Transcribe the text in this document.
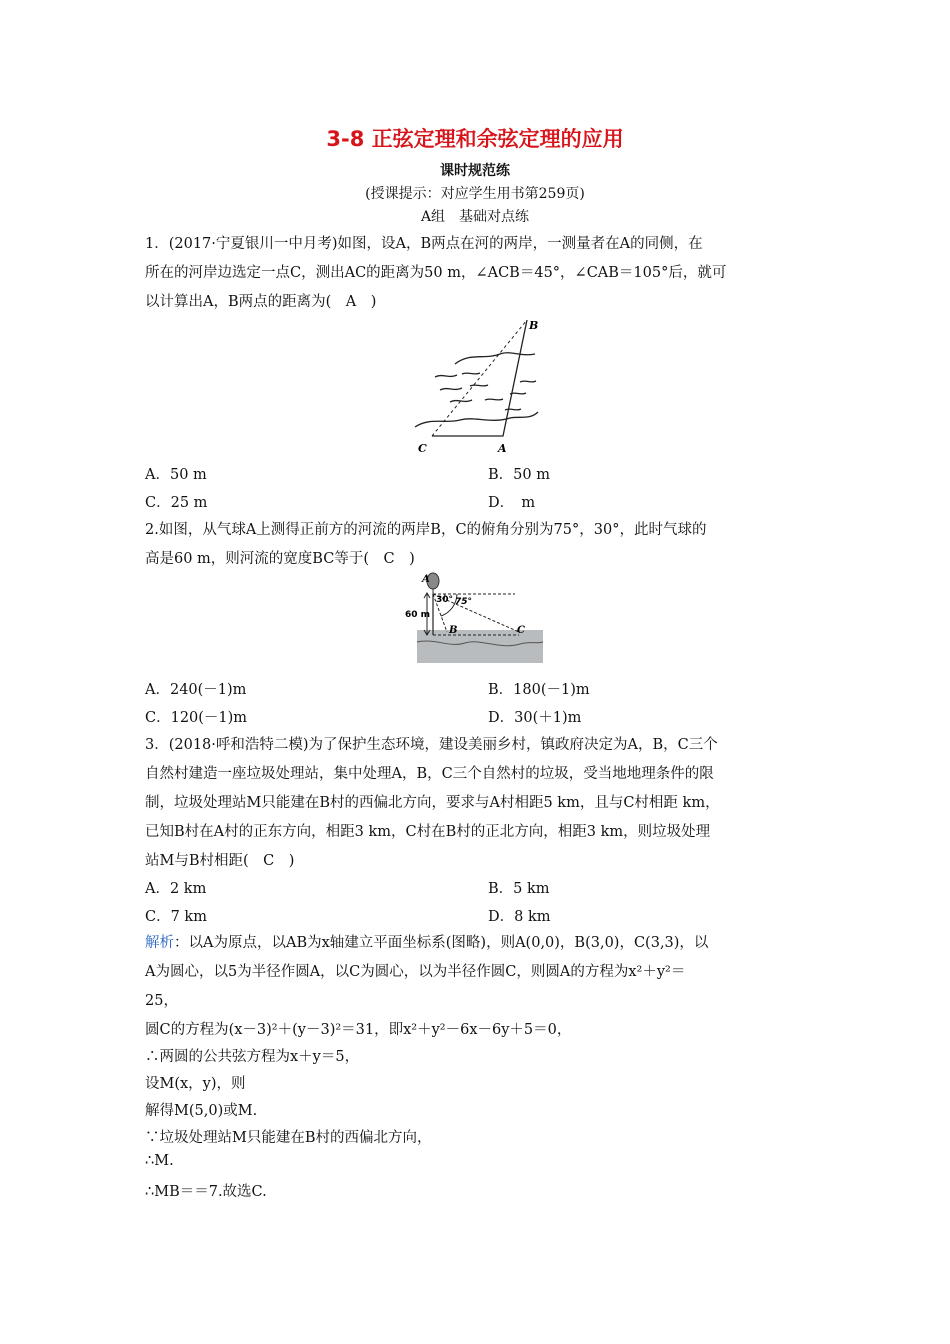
3-8 正弦定理和余弦定理的应用
课时规范练
(授课提示：对应学生用书第259页)
A组　基础对点练
1．(2017·宁夏银川一中月考)如图，设A，B两点在河的两岸，一测量者在A的同侧，在
所在的河岸边选定一点C，测出AC的距离为50 m，∠ACB＝45°，∠CAB＝105°后，就可
以计算出A，B两点的距离为(　A　)
B
C	A
A．50 m	B．50 m
C．25 m	D．　m
2.如图，从气球A上测得正前方的河流的两岸B，C的俯角分别为75°，30°，此时气球的
高是60 m，则河流的宽度BC等于(　C　)
A
60 m
30° 75°
B	C
A．240(－1)m	B．180(－1)m
C．120(－1)m	D．30(＋1)m
3．(2018·呼和浩特二模)为了保护生态环境，建设美丽乡村，镇政府决定为A，B，C三个
自然村建造一座垃圾处理站，集中处理A，B，C三个自然村的垃圾，受当地地理条件的限
制，垃圾处理站M只能建在B村的西偏北方向，要求与A村相距5 km，且与C村相距 km，
已知B村在A村的正东方向，相距3 km，C村在B村的正北方向，相距3 km，则垃圾处理
站M与B村相距(　C　)
A．2 km	B．5 km
C．7 km	D．8 km
解析：以A为原点，以AB为x轴建立平面坐标系(图略)，则A(0,0)，B(3,0)，C(3,3)，以
A为圆心，以5为半径作圆A，以C为圆心，以为半径作圆C，则圆A的方程为x²＋y²＝
25，
圆C的方程为(x－3)²＋(y－3)²＝31，即x²＋y²－6x－6y＋5＝0，
∴两圆的公共弦方程为x＋y＝5，
设M(x，y)，则
解得M(5,0)或M.
∵垃圾处理站M只能建在B村的西偏北方向，
∴M.
∴MB＝＝7.故选C.
